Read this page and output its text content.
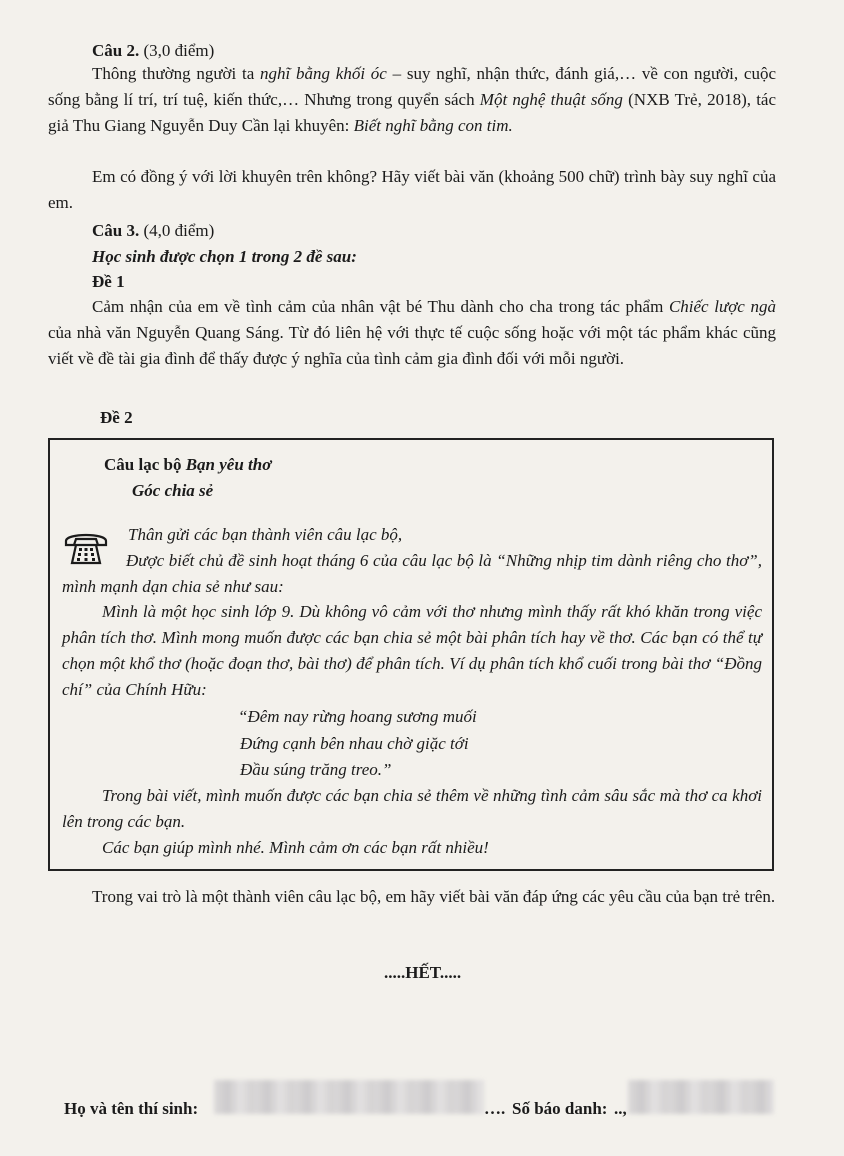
Câu 2. (3,0 điểm)
Thông thường người ta nghĩ bằng khối óc – suy nghĩ, nhận thức, đánh giá,… về con người, cuộc sống bằng lí trí, trí tuệ, kiến thức,… Nhưng trong quyển sách Một nghệ thuật sống (NXB Trẻ, 2018), tác giả Thu Giang Nguyễn Duy Cần lại khuyên: Biết nghĩ bằng con tim.
Em có đồng ý với lời khuyên trên không? Hãy viết bài văn (khoảng 500 chữ) trình bày suy nghĩ của em.
Câu 3. (4,0 điểm)
Học sinh được chọn 1 trong 2 đề sau:
Đề 1
Cảm nhận của em về tình cảm của nhân vật bé Thu dành cho cha trong tác phẩm Chiếc lược ngà của nhà văn Nguyễn Quang Sáng. Từ đó liên hệ với thực tế cuộc sống hoặc với một tác phẩm khác cũng viết về đề tài gia đình để thấy được ý nghĩa của tình cảm gia đình đối với mỗi người.
Đề 2
Câu lạc bộ Bạn yêu thơ
Góc chia sẻ
Thân gửi các bạn thành viên câu lạc bộ,
Được biết chủ đề sinh hoạt tháng 6 của câu lạc bộ là “Những nhịp tim dành riêng cho thơ”, mình mạnh dạn chia sẻ như sau:
Mình là một học sinh lớp 9. Dù không vô cảm với thơ nhưng mình thấy rất khó khăn trong việc phân tích thơ. Mình mong muốn được các bạn chia sẻ một bài phân tích hay về thơ. Các bạn có thể tự chọn một khổ thơ (hoặc đoạn thơ, bài thơ) để phân tích. Ví dụ phân tích khổ cuối trong bài thơ “Đồng chí” của Chính Hữu:
“Đêm nay rừng hoang sương muối
Đứng cạnh bên nhau chờ giặc tới
Đầu súng trăng treo.”
Trong bài viết, mình muốn được các bạn chia sẻ thêm về những tình cảm sâu sắc mà thơ ca khơi lên trong các bạn.
Các bạn giúp mình nhé. Mình cảm ơn các bạn rất nhiều!
Trong vai trò là một thành viên câu lạc bộ, em hãy viết bài văn đáp ứng các yêu cầu của bạn trẻ trên.
.....HẾT.....
Họ và tên thí sinh:	…. Số báo danh: ..,
